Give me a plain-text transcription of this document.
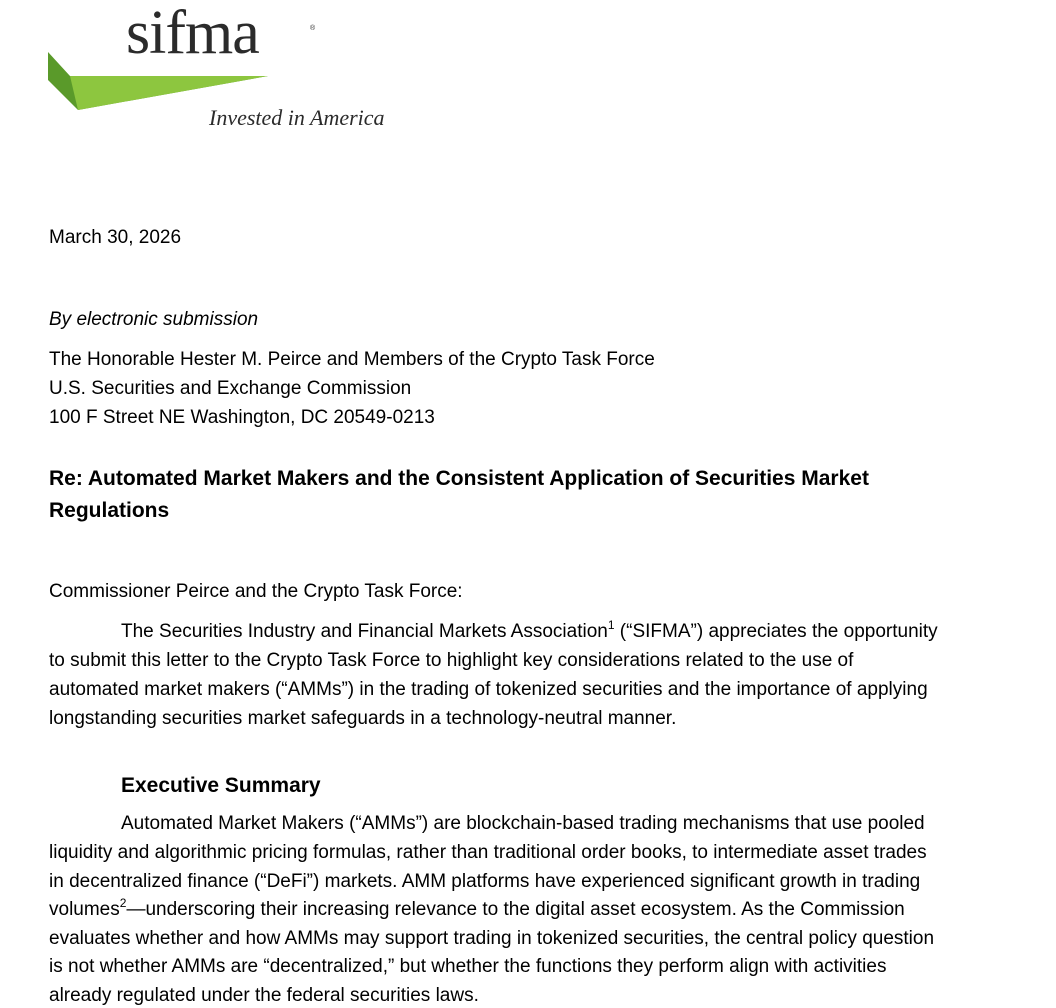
sifma	®
Invested in America
March 30, 2026
By electronic submission
The Honorable Hester M. Peirce and Members of the Crypto Task Force
U.S. Securities and Exchange Commission
100 F Street NE Washington, DC 20549-0213
Re: Automated Market Makers and the Consistent Application of Securities Market Regulations
Commissioner Peirce and the Crypto Task Force:
The Securities Industry and Financial Markets Association$^1$ (“SIFMA”) appreciates the opportunity
to submit this letter to the Crypto Task Force to highlight key considerations related to the use of
automated market makers (“AMMs”) in the trading of tokenized securities and the importance of applying
longstanding securities market safeguards in a technology-neutral manner.
Executive Summary
Automated Market Makers (“AMMs”) are blockchain-based trading mechanisms that use pooled
liquidity and algorithmic pricing formulas, rather than traditional order books, to intermediate asset trades
in decentralized finance (“DeFi”) markets. AMM platforms have experienced significant growth in trading
volumes$^2$—underscoring their increasing relevance to the digital asset ecosystem. As the Commission
evaluates whether and how AMMs may support trading in tokenized securities, the central policy question
is not whether AMMs are “decentralized,” but whether the functions they perform align with activities
already regulated under the federal securities laws.
